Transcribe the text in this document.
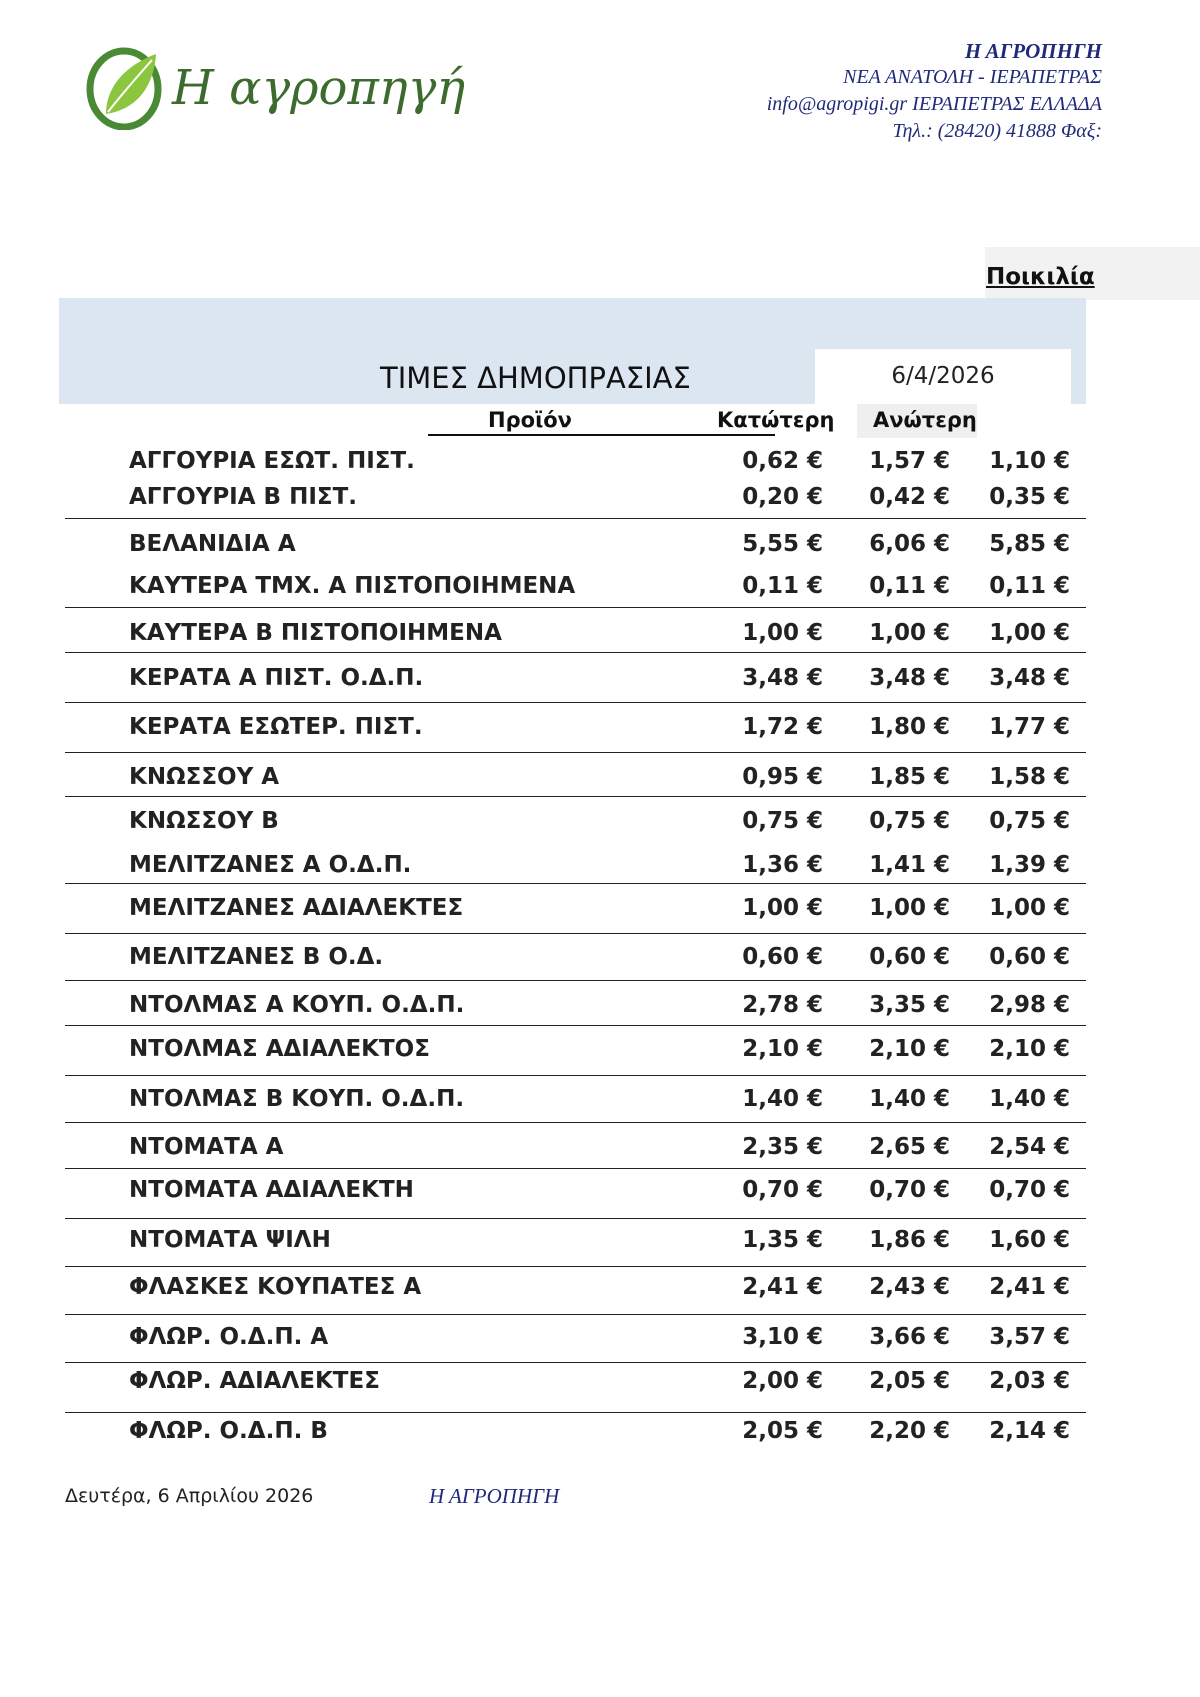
Η αγροπηγή
Η ΑΓΡΟΠΗΓΗ
ΝΕΑ ΑΝΑΤΟΛΗ - ΙΕΡΑΠΕΤΡΑΣ
info@agropigi.gr ΙΕΡΑΠΕΤΡΑΣ ΕΛΛΑΔΑ
Τηλ.: (28420) 41888 Φαξ:
Ποικιλία
ΤΙΜΕΣ ΔΗΜΟΠΡΑΣΙΑΣ	6/4/2026
Προϊόν	Κατώτερη Ανώτερη
ΑΓΓΟΥΡΙΑ ΕΣΩΤ. ΠΙΣΤ.	0,62 €	1,57 €	1,10 €
ΑΓΓΟΥΡΙΑ Β ΠΙΣΤ.	0,20 €	0,42 €	0,35 €
ΒΕΛΑΝΙΔΙΑ Α	5,55 €	6,06 €	5,85 €
ΚΑΥΤΕΡΑ ΤΜΧ. Α ΠΙΣΤΟΠΟΙΗΜΕΝΑ	0,11 €	0,11 €	0,11 €
ΚΑΥΤΕΡΑ Β ΠΙΣΤΟΠΟΙΗΜΕΝΑ	1,00 €	1,00 €	1,00 €
ΚΕΡΑΤΑ Α ΠΙΣΤ. Ο.Δ.Π.	3,48 €	3,48 €	3,48 €
ΚΕΡΑΤΑ ΕΣΩΤΕΡ. ΠΙΣΤ.	1,72 €	1,80 €	1,77 €
ΚΝΩΣΣΟΥ Α	0,95 €	1,85 €	1,58 €
ΚΝΩΣΣΟΥ Β	0,75 €	0,75 €	0,75 €
ΜΕΛΙΤΖΑΝΕΣ Α Ο.Δ.Π.	1,36 €	1,41 €	1,39 €
ΜΕΛΙΤΖΑΝΕΣ ΑΔΙΑΛΕΚΤΕΣ	1,00 €	1,00 €	1,00 €
ΜΕΛΙΤΖΑΝΕΣ Β Ο.Δ.	0,60 €	0,60 €	0,60 €
ΝΤΟΛΜΑΣ Α ΚΟΥΠ. Ο.Δ.Π.	2,78 €	3,35 €	2,98 €
ΝΤΟΛΜΑΣ ΑΔΙΑΛΕΚΤΟΣ	2,10 €	2,10 €	2,10 €
ΝΤΟΛΜΑΣ Β ΚΟΥΠ. Ο.Δ.Π.	1,40 €	1,40 €	1,40 €
ΝΤΟΜΑΤΑ Α	2,35 €	2,65 €	2,54 €
ΝΤΟΜΑΤΑ ΑΔΙΑΛΕΚΤΗ	0,70 €	0,70 €	0,70 €
ΝΤΟΜΑΤΑ ΨΙΛΗ	1,35 €	1,86 €	1,60 €
ΦΛΑΣΚΕΣ ΚΟΥΠΑΤΕΣ Α	2,41 €	2,43 €	2,41 €
ΦΛΩΡ. Ο.Δ.Π. Α	3,10 €	3,66 €	3,57 €
ΦΛΩΡ. ΑΔΙΑΛΕΚΤΕΣ	2,00 €	2,05 €	2,03 €
ΦΛΩΡ. Ο.Δ.Π. Β	2,05 €	2,20 €	2,14 €
Δευτέρα, 6 Απριλίου 2026	Η ΑΓΡΟΠΗΓΗ
